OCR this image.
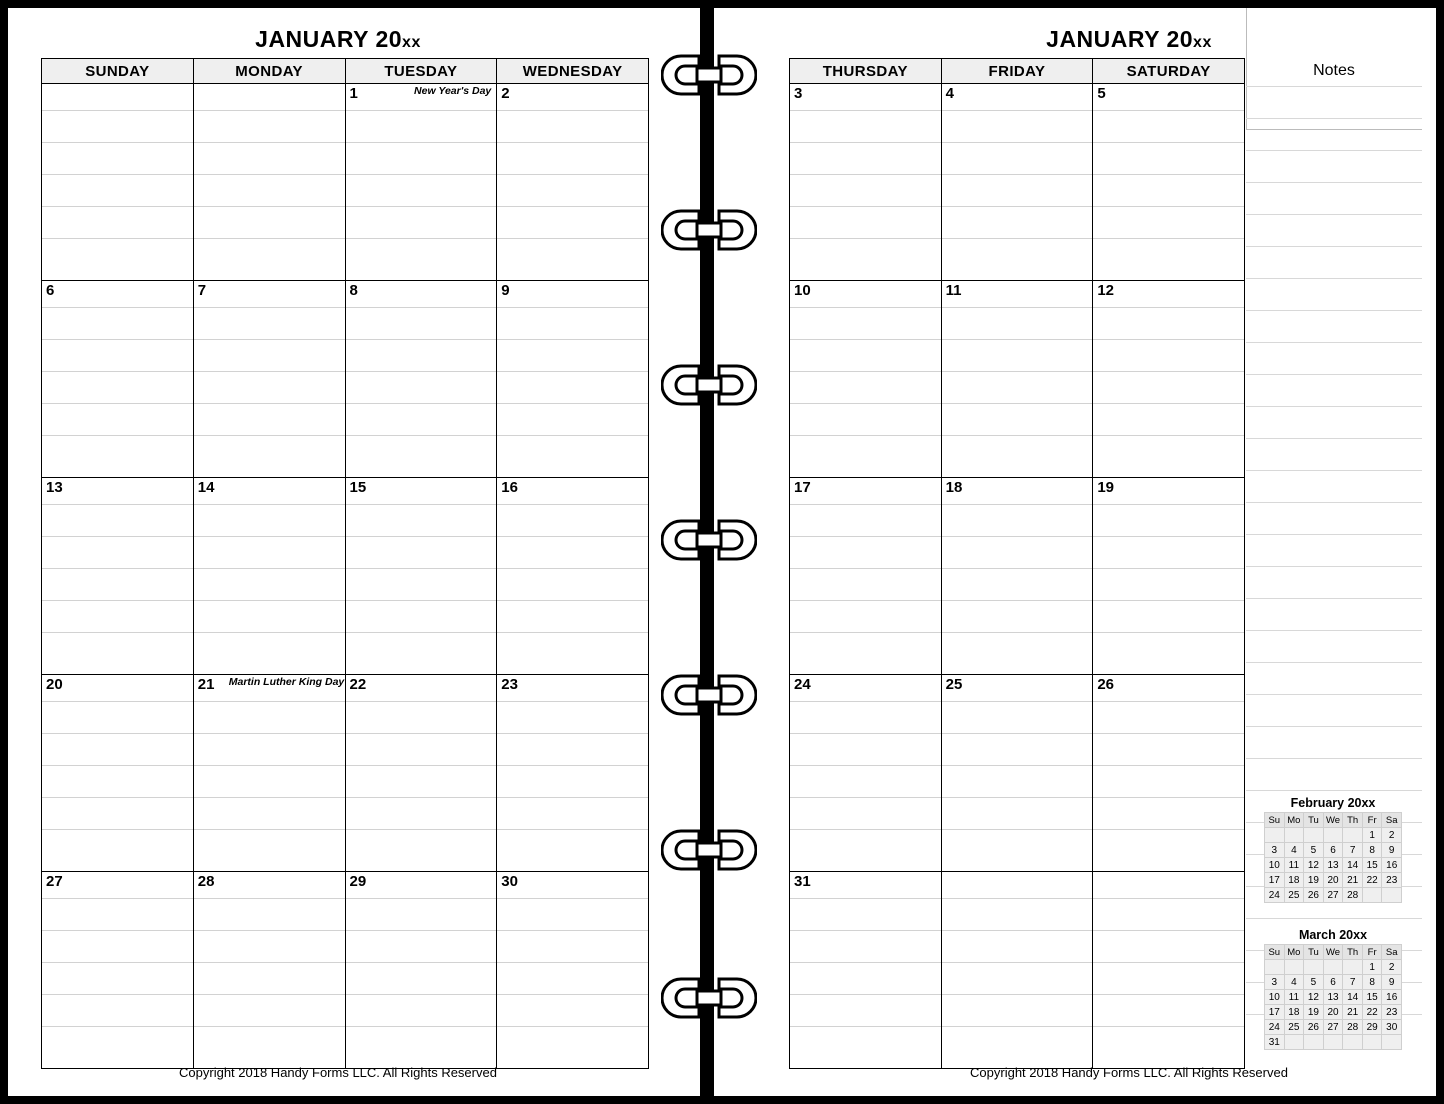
JANUARY 20xx
SUNDAY	MONDAY	TUESDAY	WEDNESDAY

		1 New Year's Day	2

6	7	8	9

13	14	15	16

20	21 Martin Luther King Day	22	23

27	28	29	30
Copyright 2018 Handy Forms LLC. All Rights Reserved
JANUARY 20xx
Notes
THURSDAY	FRIDAY	SATURDAY

3	4	5

10	11	12

17	18	19

24	25	26

31		

February 20xx
Su	Mo	Tu	We	Th	Fr	Sa
					1	2
3	4	5	6	7	8	9
10	11	12	13	14	15	16
17	18	19	20	21	22	23
24	25	26	27	28		
March 20xx
Su	Mo	Tu	We	Th	Fr	Sa
					1	2
3	4	5	6	7	8	9
10	11	12	13	14	15	16
17	18	19	20	21	22	23
24	25	26	27	28	29	30
31						
Copyright 2018 Handy Forms LLC. All Rights Reserved
